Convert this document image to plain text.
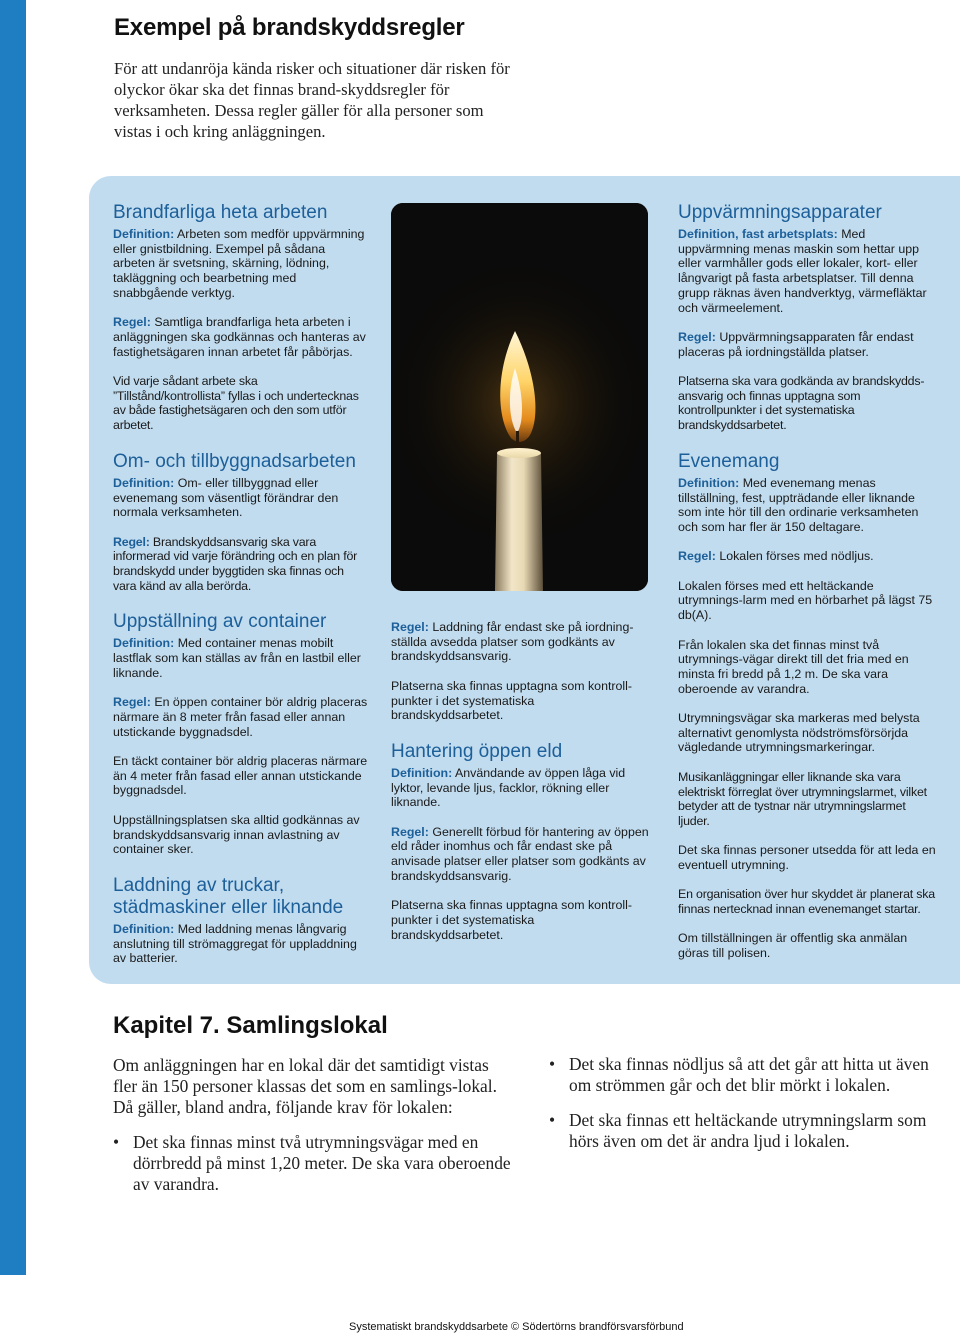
Exempel på brandskyddsregler

För att undanröja kända risker och situationer där risken för olyckor ökar ska det finnas brand-skyddsregler för verksamheten. Dessa regler gäller för alla personer som vistas i och kring anläggningen.

Brandfarliga heta arbeten

Definition: Arbeten som medför uppvärmning eller gnistbildning. Exempel på sådana arbeten är svetsning, skärning, lödning, takläggning och bearbetning med snabbgående verktyg.

Regel: Samtliga brandfarliga heta arbeten i anläggningen ska godkännas och hanteras av fastighetsägaren innan arbetet får påbörjas.

Vid varje sådant arbete ska ”Tillstånd/kontrollista” fyllas i och undertecknas av både fastighetsägaren och den som utför arbetet.

Om- och tillbyggnadsarbeten

Definition: Om- eller tillbyggnad eller evenemang som väsentligt förändrar den normala verksamheten.

Regel: Brandskyddsansvarig ska vara informerad vid varje förändring och en plan för brandskydd under byggtiden ska finnas och vara känd av alla berörda.

Uppställning av container

Definition: Med container menas mobilt lastflak som kan ställas av från en lastbil eller liknande.

Regel: En öppen container bör aldrig placeras närmare än 8 meter från fasad eller annan utstickande byggnadsdel.

En täckt container bör aldrig placeras närmare än 4 meter från fasad eller annan utstickande byggnadsdel.

Uppställningsplatsen ska alltid godkännas av brandskyddsansvarig innan avlastning av container sker.

Laddning av truckar, städmaskiner eller liknande

Definition: Med laddning menas långvarig anslutning till strömaggregat för uppladdning av batterier.

Regel: Laddning får endast ske på iordning-ställda avsedda platser som godkänts av brandskyddsansvarig.

Platserna ska finnas upptagna som kontroll-punkter i det systematiska brandskyddsarbetet.

Hantering öppen eld

Definition: Användande av öppen låga vid lyktor, levande ljus, facklor, rökning eller liknande.

Regel: Generellt förbud för hantering av öppen eld råder inomhus och får endast ske på anvisade platser eller platser som godkänts av brandskyddsansvarig.

Platserna ska finnas upptagna som kontroll-punkter i det systematiska brandskyddsarbetet.

Uppvärmningsapparater

Definition, fast arbetsplats: Med uppvärmning menas maskin som hettar upp eller varmhåller gods eller lokaler, kort- eller långvarigt på fasta arbetsplatser. Till denna grupp räknas även handverktyg, värmefläktar och värmeelement.

Regel: Uppvärmningsapparaten får endast placeras på iordningställda platser.

Platserna ska vara godkända av brandskydds-ansvarig och finnas upptagna som kontrollpunkter i det systematiska brandskyddsarbetet.

Evenemang

Definition: Med evenemang menas tillställning, fest, uppträdande eller liknande som inte hör till den ordinarie verksamheten och som har fler är 150 deltagare.

Regel: Lokalen förses med nödljus.

Lokalen förses med ett heltäckande utrymnings-larm med en hörbarhet på lägst 75 db(A).

Från lokalen ska det finnas minst två utrymnings-vägar direkt till det fria med en minsta fri bredd på 1,2 m. De ska vara oberoende av varandra.

Utrymningsvägar ska markeras med belysta alternativt genomlysta nödströmsförsörjda vägledande utrymningsmarkeringar.

Musikanläggningar eller liknande ska vara elektriskt förreglat över utrymningslarmet, vilket betyder att de tystnar när utrymningslarmet ljuder.

Det ska finnas personer utsedda för att leda en eventuell utrymning.

En organisation över hur skyddet är planerat ska finnas nertecknad innan evenemanget startar.

Om tillställningen är offentlig ska anmälan göras till polisen.

Kapitel 7. Samlingslokal

Om anläggningen har en lokal där det samtidigt vistas fler än 150 personer klassas det som en samlings-lokal. Då gäller, bland andra, följande krav för lokalen:

• Det ska finnas minst två utrymningsvägar med en dörrbredd på minst 1,20 meter. De ska vara oberoende av varandra.
• Det ska finnas nödljus så att det går att hitta ut även om strömmen går och det blir mörkt i lokalen.
• Det ska finnas ett heltäckande utrymningslarm som hörs även om det är andra ljud i lokalen.
Systematiskt brandskyddsarbete © Södertörns brandförsvarsförbund
